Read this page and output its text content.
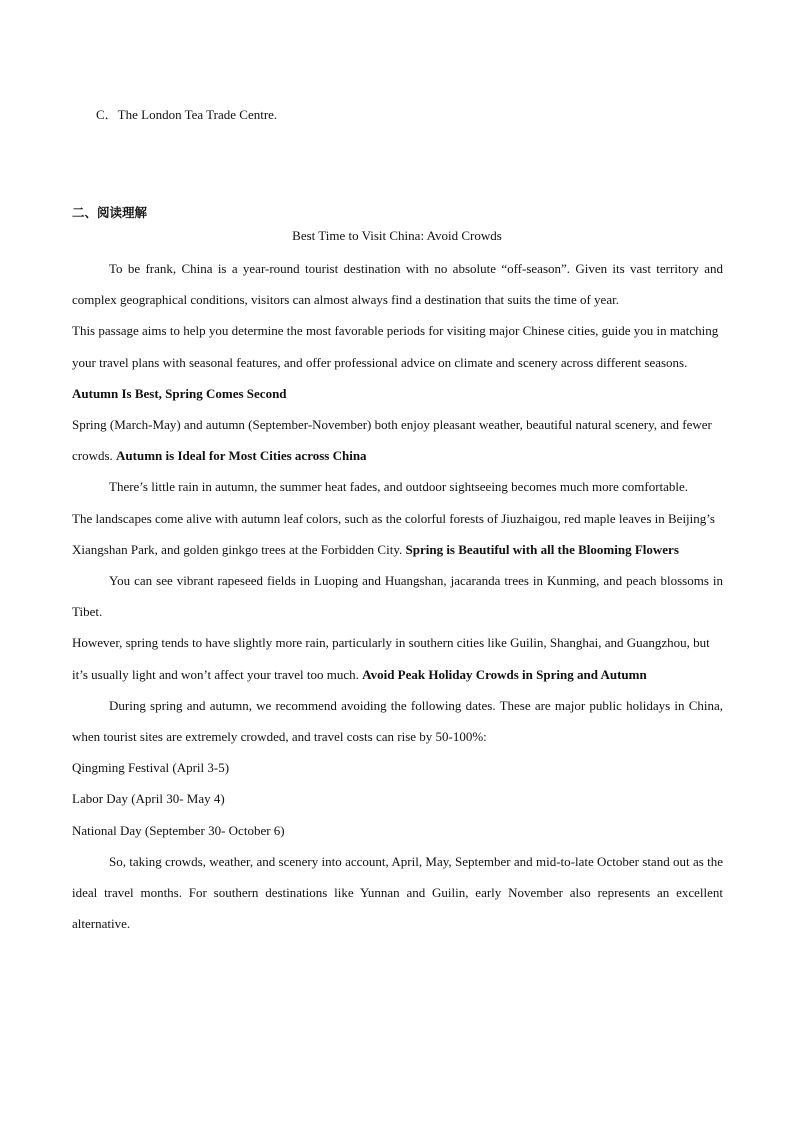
C．The London Tea Trade Centre.
二、阅读理解
Best Time to Visit China: Avoid Crowds

To be frank, China is a year-round tourist destination with no absolute “off-season”. Given its vast territory and complex geographical conditions, visitors can almost always find a destination that suits the time of year.

This passage aims to help you determine the most favorable periods for visiting major Chinese cities, guide you in matching your travel plans with seasonal features, and offer professional advice on climate and scenery across different seasons. Autumn Is Best, Spring Comes Second

Spring (March-May) and autumn (September-November) both enjoy pleasant weather, beautiful natural scenery, and fewer crowds. Autumn is Ideal for Most Cities across China

There’s little rain in autumn, the summer heat fades, and outdoor sightseeing becomes much more comfortable.

The landscapes come alive with autumn leaf colors, such as the colorful forests of Jiuzhaigou, red maple leaves in Beijing’s Xiangshan Park, and golden ginkgo trees at the Forbidden City. Spring is Beautiful with all the Blooming Flowers

You can see vibrant rapeseed fields in Luoping and Huangshan, jacaranda trees in Kunming, and peach blossoms in Tibet.

However, spring tends to have slightly more rain, particularly in southern cities like Guilin, Shanghai, and Guangzhou, but it’s usually light and won’t affect your travel too much. Avoid Peak Holiday Crowds in Spring and Autumn

During spring and autumn, we recommend avoiding the following dates. These are major public holidays in China, when tourist sites are extremely crowded, and travel costs can rise by 50-100%:

Qingming Festival (April 3-5)

Labor Day (April 30- May 4)

National Day (September 30- October 6)

So, taking crowds, weather, and scenery into account, April, May, September and mid-to-late October stand out as the ideal travel months. For southern destinations like Yunnan and Guilin, early November also represents an excellent alternative.
